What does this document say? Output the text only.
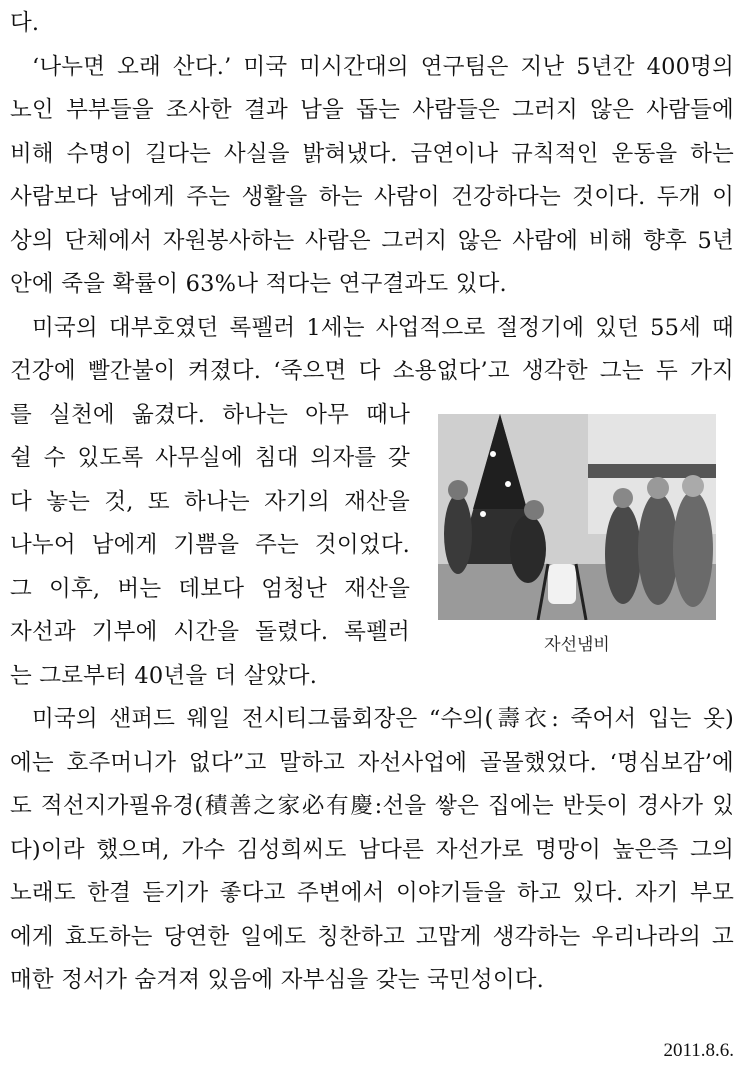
다.
‘나누면 오래 산다.’ 미국 미시간대의 연구팀은 지난 5년간 400명의
노인 부부들을 조사한 결과 남을 돕는 사람들은 그러지 않은 사람들에
비해 수명이 길다는 사실을 밝혀냈다. 금연이나 규칙적인 운동을 하는
사람보다 남에게 주는 생활을 하는 사람이 건강하다는 것이다. 두개 이
상의 단체에서 자원봉사하는 사람은 그러지 않은 사람에 비해 향후 5년
안에 죽을 확률이 63%나 적다는 연구결과도 있다.
미국의 대부호였던 록펠러 1세는 사업적으로 절정기에 있던 55세 때
건강에 빨간불이 켜졌다. ‘죽으면 다 소용없다’고 생각한 그는 두 가지
를 실천에 옮겼다. 하나는 아무 때나
쉴 수 있도록 사무실에 침대 의자를 갖
다 놓는 것, 또 하나는 자기의 재산을
나누어 남에게 기쁨을 주는 것이었다.
그 이후, 버는 데보다 엄청난 재산을
자선과 기부에 시간을 돌렸다. 록펠러
는 그로부터 40년을 더 살았다.
자선냄비
미국의 샌퍼드 웨일 전시티그룹회장은 “수의(壽衣: 죽어서 입는 옷)
에는 호주머니가 없다”고 말하고 자선사업에 골몰했었다. ‘명심보감’에
도 적선지가필유경(積善之家必有慶:선을 쌓은 집에는 반듯이 경사가 있
다)이라 했으며, 가수 김성희씨도 남다른 자선가로 명망이 높은즉 그의
노래도 한결 듣기가 좋다고 주변에서 이야기들을 하고 있다. 자기 부모
에게 효도하는 당연한 일에도 칭찬하고 고맙게 생각하는 우리나라의 고
매한 정서가 숨겨져 있음에 자부심을 갖는 국민성이다.
2011.8.6.
